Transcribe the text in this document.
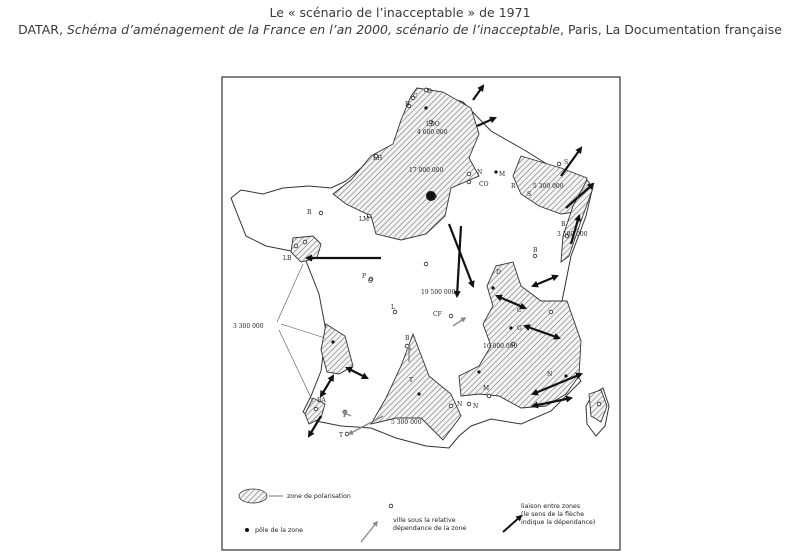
Le « scénario de l’inacceptable » de 1971
DATAR, Schéma d’aménagement de la France en l’an 2000, scénario de l’inacceptable, Paris, La Documentation française
4 600 000
17 000 000
19 500 000
3 300 000
5 300 000
3 500 000
16 000 000
5 300 000
D
C
B
LDO
LH
R
LM
CO
N
P
S
M
S
R
B
B
LB
O
P
L
CF
D
G
B
BA
C
T
P
T
N
M
N
N
zone de polarisation
pôle de la zone
ville sous la relative
dépendance de la zone
liaison entre zones
(le sens de la flèche
indique la dépendance)
